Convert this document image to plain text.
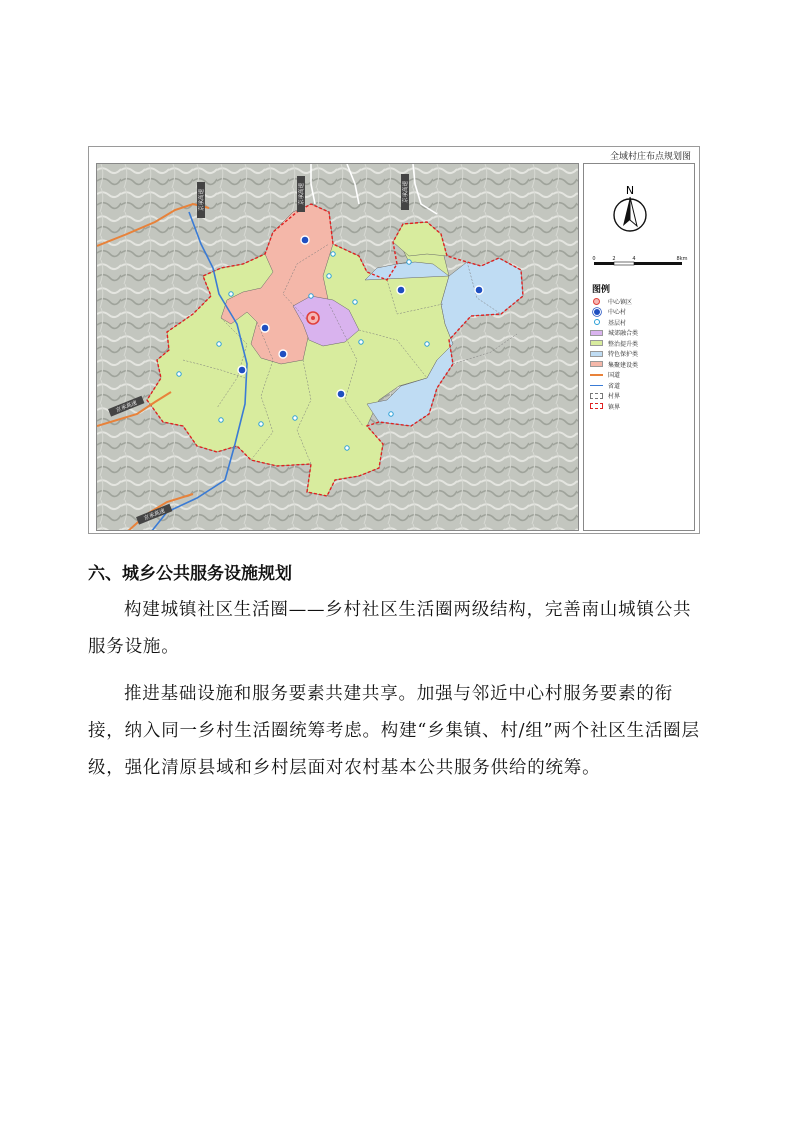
全域村庄布点规划图
京承高速	京承高速	京承高速
京承高速
京承高速
N
0	2	4	8km
图例
中心镇区
中心村
基层村
城郊融合类
整治提升类
特色保护类
集聚建设类
国道
省道
村界
镇界
六、城乡公共服务设施规划

构建城镇社区生活圈——乡村社区生活圈两级结构，完善南山城镇公共服务设施。

推进基础设施和服务要素共建共享。加强与邻近中心村服务要素的衔接，纳入同一乡村生活圈统筹考虑。构建“乡集镇、村/组”两个社区生活圈层级，强化清原县域和乡村层面对农村基本公共服务供给的统筹。
